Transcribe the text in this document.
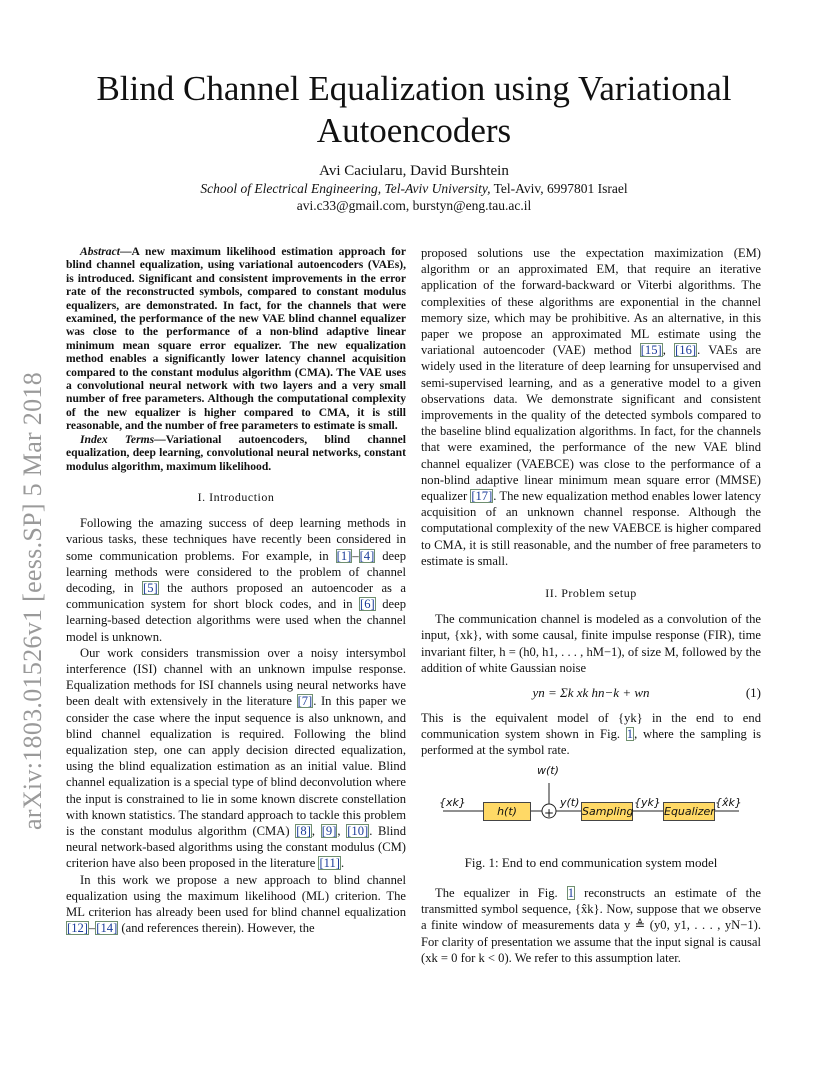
arXiv:1803.01526v1 [eess.SP] 5 Mar 2018
Blind Channel Equalization using Variational Autoencoders
Avi Caciularu, David Burshtein
School of Electrical Engineering, Tel-Aviv University, Tel-Aviv, 6997801 Israel
avi.c33@gmail.com, burstyn@eng.tau.ac.il

Abstract—A new maximum likelihood estimation approach for blind channel equalization, using variational autoencoders (VAEs), is introduced. Significant and consistent improvements in the error rate of the reconstructed symbols, compared to constant modulus equalizers, are demonstrated. In fact, for the channels that were examined, the performance of the new VAE blind channel equalizer was close to the performance of a non-blind adaptive linear minimum mean square error equalizer. The new equalization method enables a significantly lower latency channel acquisition compared to the constant modulus algorithm (CMA). The VAE uses a convolutional neural network with two layers and a very small number of free parameters. Although the computational complexity of the new equalizer is higher compared to CMA, it is still reasonable, and the number of free parameters to estimate is small.

Index Terms—Variational autoencoders, blind channel equalization, deep learning, convolutional neural networks, constant modulus algorithm, maximum likelihood.

I. Introduction

Following the amazing success of deep learning methods in various tasks, these techniques have recently been considered in some communication problems. For example, in [1]–[4] deep learning methods were considered to the problem of channel decoding, in [5] the authors proposed an autoencoder as a communication system for short block codes, and in [6] deep learning-based detection algorithms were used when the channel model is unknown.

Our work considers transmission over a noisy intersymbol interference (ISI) channel with an unknown impulse response. Equalization methods for ISI channels using neural networks have been dealt with extensively in the literature [7]. In this paper we consider the case where the input sequence is also unknown, and blind channel equalization is required. Following the blind equalization step, one can apply decision directed equalization, using the blind equalization estimation as an initial value. Blind channel equalization is a special type of blind deconvolution where the input is constrained to lie in some known discrete constellation with known statistics. The standard approach to tackle this problem is the constant modulus algorithm (CMA) [8], [9], [10]. Blind neural network-based algorithms using the constant modulus (CM) criterion have also been proposed in the literature [11].

In this work we propose a new approach to blind channel equalization using the maximum likelihood (ML) criterion. The ML criterion has already been used for blind channel equalization [12]–[14] (and references therein). However, the

proposed solutions use the expectation maximization (EM) algorithm or an approximated EM, that require an iterative application of the forward-backward or Viterbi algorithms. The complexities of these algorithms are exponential in the channel memory size, which may be prohibitive. As an alternative, in this paper we propose an approximated ML estimate using the variational autoencoder (VAE) method [15], [16]. VAEs are widely used in the literature of deep learning for unsupervised and semi-supervised learning, and as a generative model to a given observations data. We demonstrate significant and consistent improvements in the quality of the detected symbols compared to the baseline blind equalization algorithms. In fact, for the channels that were examined, the performance of the new VAE blind channel equalizer (VAEBCE) was close to the performance of a non-blind adaptive linear minimum mean square error (MMSE) equalizer [17]. The new equalization method enables lower latency acquisition of an unknown channel response. Although the computational complexity of the new VAEBCE is higher compared to CMA, it is still reasonable, and the number of free parameters to estimate is small.

II. Problem setup

The communication channel is modeled as a convolution of the input, {xk}, with some causal, finite impulse response (FIR), time invariant filter, h = (h0, h1, . . . , hM−1), of size M, followed by the addition of white Gaussian noise

yn = Σk xk hn−k + wn	(1)

This is the equivalent model of {yk} in the end to end communication system shown in Fig. 1, where the sampling is performed at the symbol rate.

w(t)
{xk}
h(t)	+
y(t)
Sampling
{yk}
Equalizer
{x̂k}

Fig. 1: End to end communication system model

The equalizer in Fig. 1 reconstructs an estimate of the transmitted symbol sequence, {x̂k}. Now, suppose that we observe a finite window of measurements data y ≜ (y0, y1, . . . , yN−1). For clarity of presentation we assume that the input signal is causal (xk = 0 for k < 0). We refer to this assumption later.
